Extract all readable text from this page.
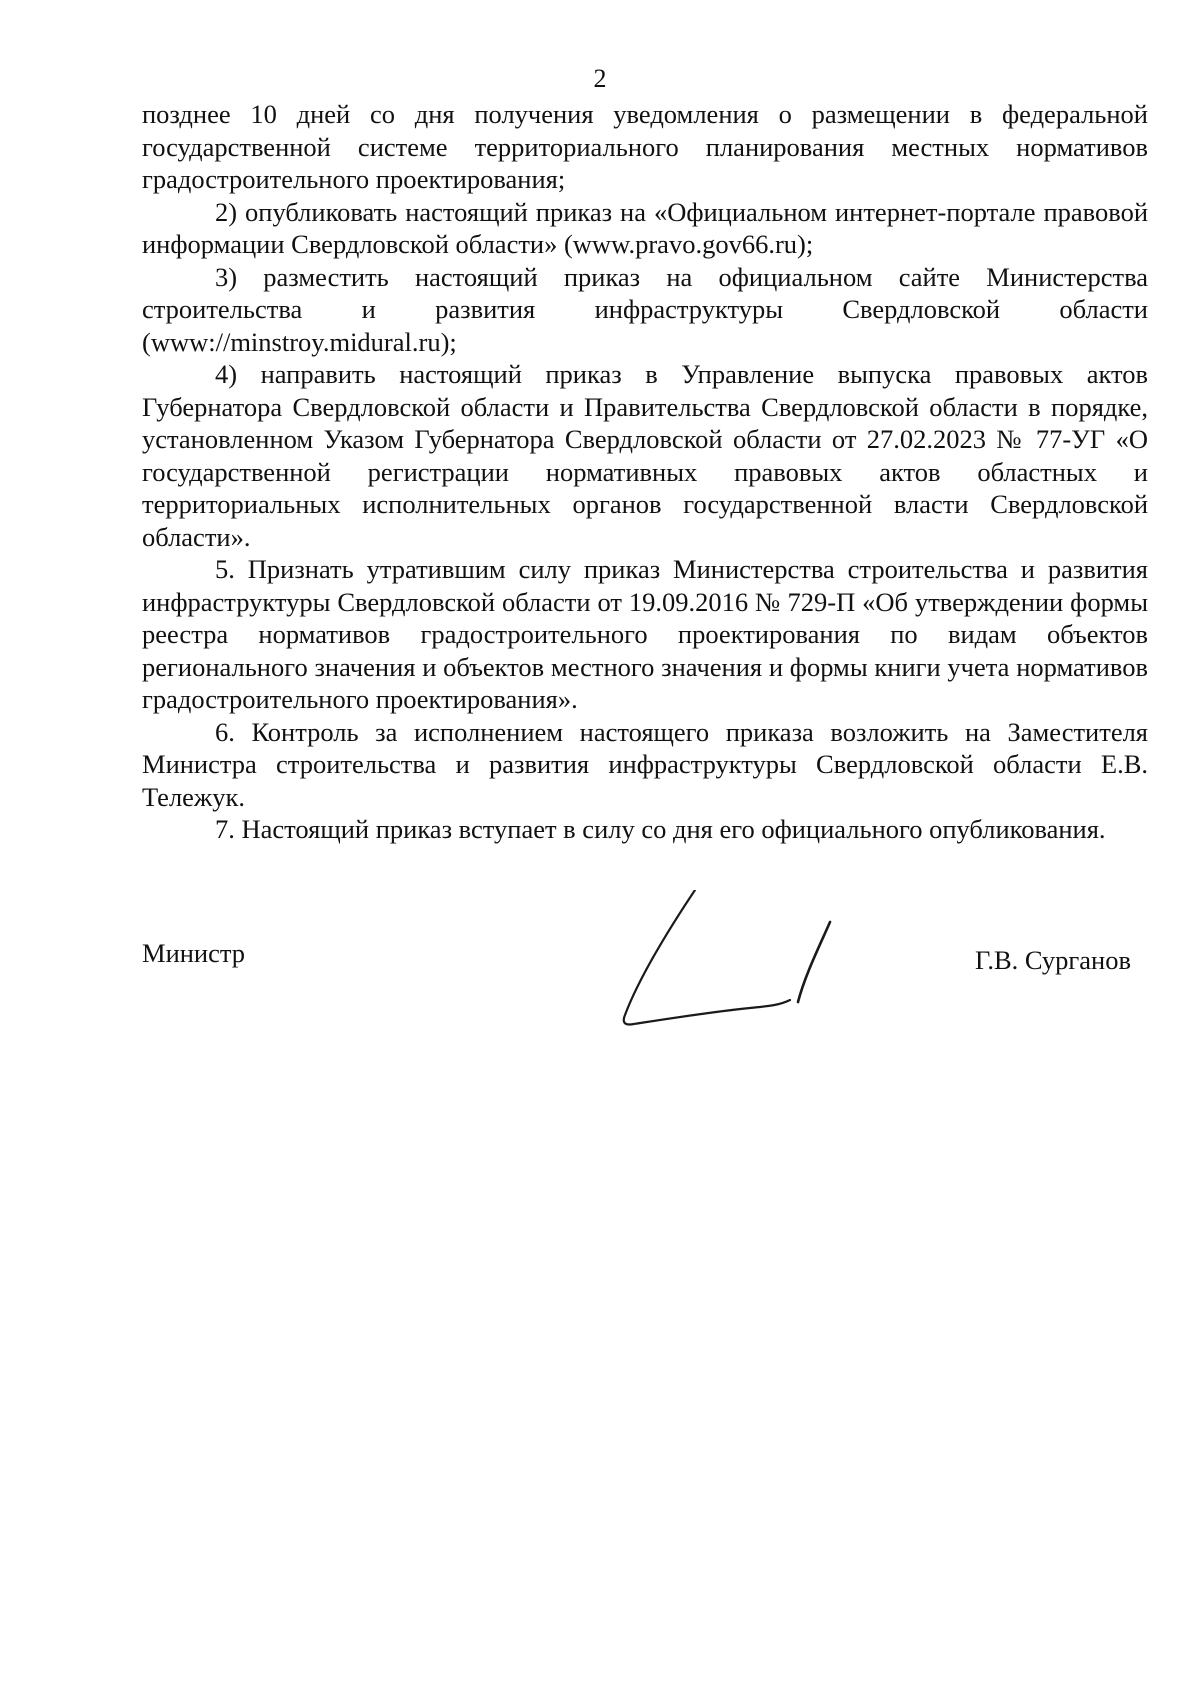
2

позднее 10 дней со дня получения уведомления о размещении в федеральной государственной системе территориального планирования местных нормативов градостроительного проектирования;

2) опубликовать настоящий приказ на «Официальном интернет-портале правовой информации Свердловской области» (www.pravo.gov66.ru);

3) разместить настоящий приказ на официальном сайте Министерства строительства и развития инфраструктуры Свердловской области (www://minstroy.midural.ru);

4) направить настоящий приказ в Управление выпуска правовых актов Губернатора Свердловской области и Правительства Свердловской области в порядке, установленном Указом Губернатора Свердловской области от 27.02.2023 № 77-УГ «О государственной регистрации нормативных правовых актов областных и территориальных исполнительных органов государственной власти Свердловской области».

5. Признать утратившим силу приказ Министерства строительства и развития инфраструктуры Свердловской области от 19.09.2016 № 729-П «Об утверждении формы реестра нормативов градостроительного проектирования по видам объектов регионального значения и объектов местного значения и формы книги учета нормативов градостроительного проектирования».

6. Контроль за исполнением настоящего приказа возложить на Заместителя Министра строительства и развития инфраструктуры Свердловской области Е.В. Тележук.

7. Настоящий приказ вступает в силу со дня его официального опубликования.

Министр	Г.В. Сурганов
